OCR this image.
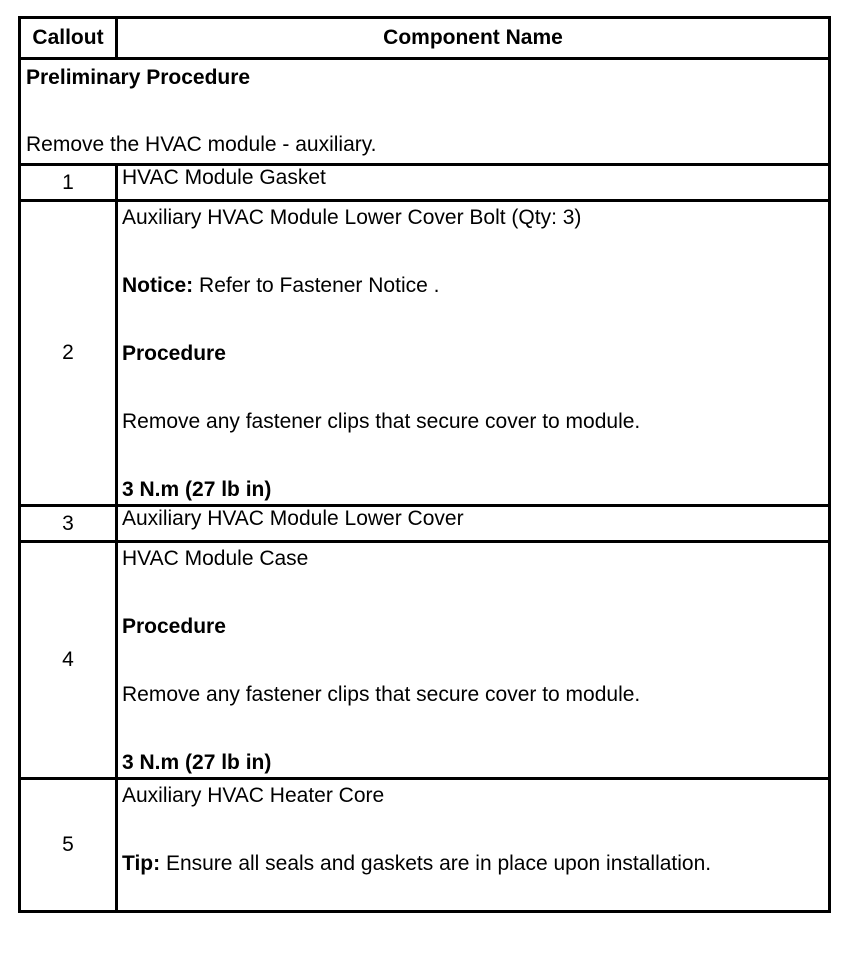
Callout	Component Name

Preliminary Procedure
Remove the HVAC module - auxiliary.	

1	HVAC Module Gasket
2	Auxiliary HVAC Module Lower Cover Bolt (Qty: 3)

Notice: Refer to Fastener Notice .

Procedure

Remove any fastener clips that secure cover to module.

3 N.m (27 lb in)

3	Auxiliary HVAC Module Lower Cover
4	HVAC Module Case

Procedure

Remove any fastener clips that secure cover to module.

3 N.m (27 lb in)

5	Auxiliary HVAC Heater Core

Tip: Ensure all seals and gaskets are in place upon installation.
